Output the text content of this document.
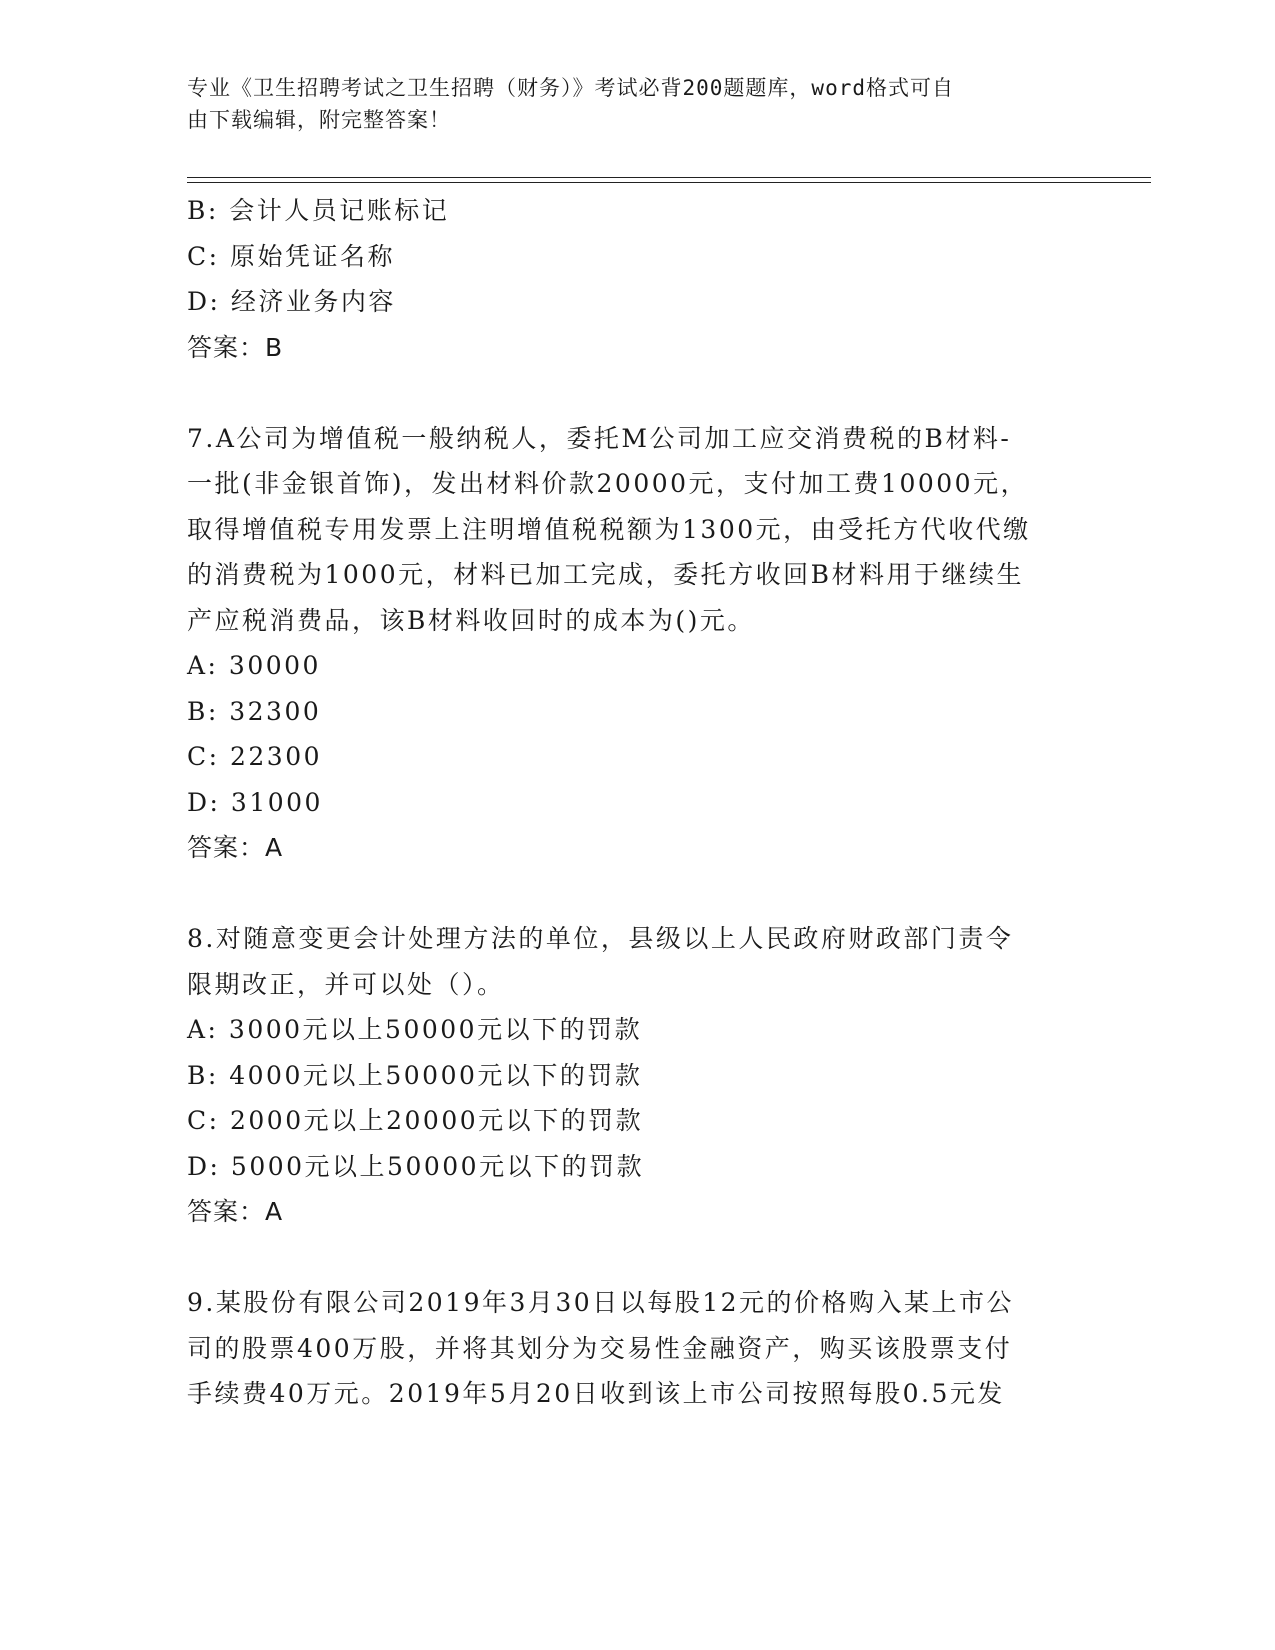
专业《卫生招聘考试之卫生招聘（财务）》考试必背200题题库，word格式可自
由下载编辑，附完整答案！
B: 会计人员记账标记
C: 原始凭证名称
D: 经济业务内容
答案：B
7.A公司为增值税一般纳税人，委托M公司加工应交消费税的B材料-
一批(非金银首饰)，发出材料价款20000元，支付加工费10000元，
取得增值税专用发票上注明增值税税额为1300元，由受托方代收代缴
的消费税为1000元，材料已加工完成，委托方收回B材料用于继续生
产应税消费品，该B材料收回时的成本为()元。
A: 30000
B: 32300
C: 22300
D: 31000
答案：A
8.对随意变更会计处理方法的单位，县级以上人民政府财政部门责令
限期改正，并可以处（）。
A: 3000元以上50000元以下的罚款
B: 4000元以上50000元以下的罚款
C: 2000元以上20000元以下的罚款
D: 5000元以上50000元以下的罚款
答案：A
9.某股份有限公司2019年3月30日以每股12元的价格购入某上市公
司的股票400万股，并将其划分为交易性金融资产，购买该股票支付
手续费40万元。2019年5月20日收到该上市公司按照每股0.5元发
